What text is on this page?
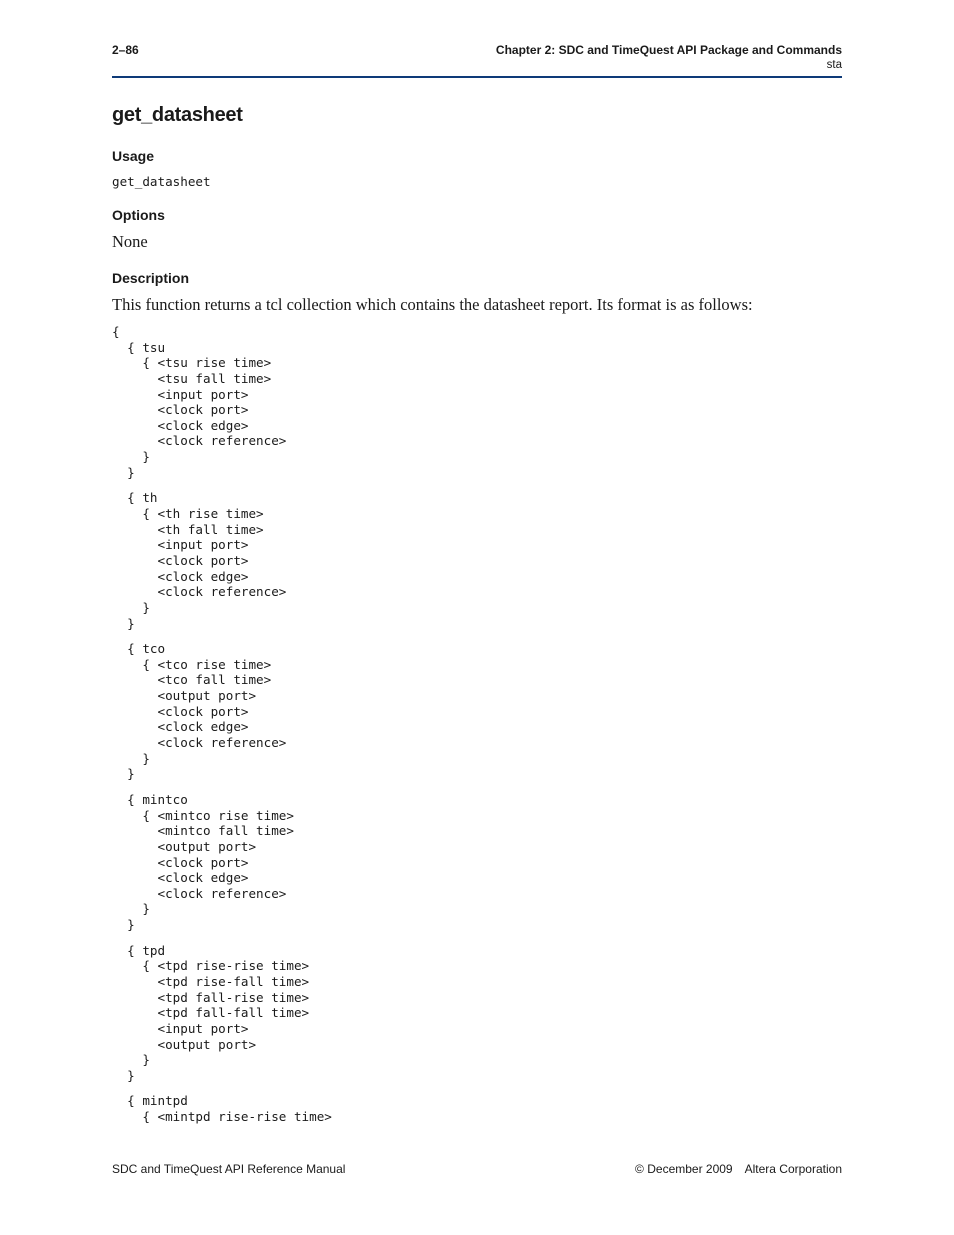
2–86	Chapter 2: SDC and TimeQuest API Package and Commands
sta
get_datasheet
Usage
get_datasheet
Options

None

Description

This function returns a tcl collection which contains the datasheet report. Its format is as follows:

{
{ tsu
{ <tsu rise time>
<tsu fall time>
<input port>
<clock port>
<clock edge>
<clock reference>
}
}
{ th
{ <th rise time>
<th fall time>
<input port>
<clock port>
<clock edge>
<clock reference>
}
}
{ tco
{ <tco rise time>
<tco fall time>
<output port>
<clock port>
<clock edge>
<clock reference>
}
}
{ mintco
{ <mintco rise time>
<mintco fall time>
<output port>
<clock port>
<clock edge>
<clock reference>
}
}
{ tpd
{ <tpd rise-rise time>
<tpd rise-fall time>
<tpd fall-rise time>
<tpd fall-fall time>
<input port>
<output port>
}
}
{ mintpd
{ <mintpd rise-rise time>
SDC and TimeQuest API Reference Manual	© December 2009 Altera Corporation
